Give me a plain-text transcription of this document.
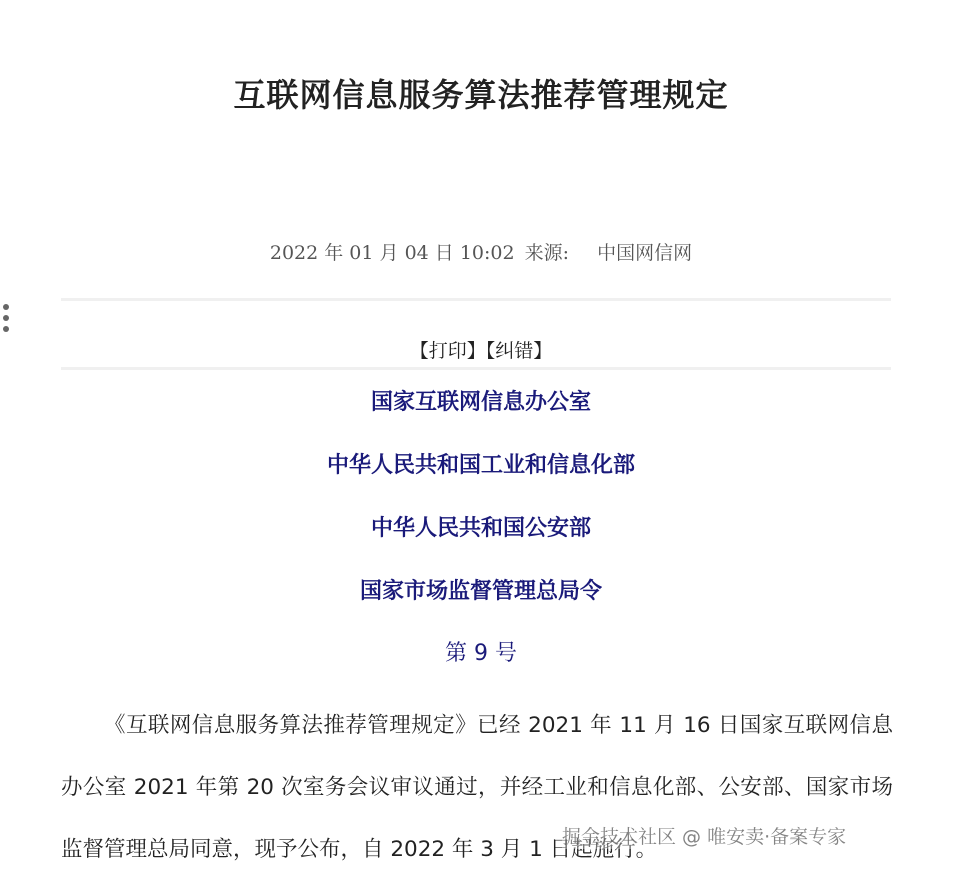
互联网信息服务算法推荐管理规定
2022 年 01 月 04 日 10:02 来源: 中国网信网
【打印】【纠错】
国家互联网信息办公室
中华人民共和国工业和信息化部
中华人民共和国公安部
国家市场监督管理总局令
第 9 号
《互联网信息服务算法推荐管理规定》已经 2021 年 11 月 16 日国家互联网信息办公室 2021 年第 20 次室务会议审议通过，并经工业和信息化部、公安部、国家市场监督管理总局同意，现予公布，自 2022 年 3 月 1 日起施行。
掘金技术社区 @ 唯安卖·备案专家
